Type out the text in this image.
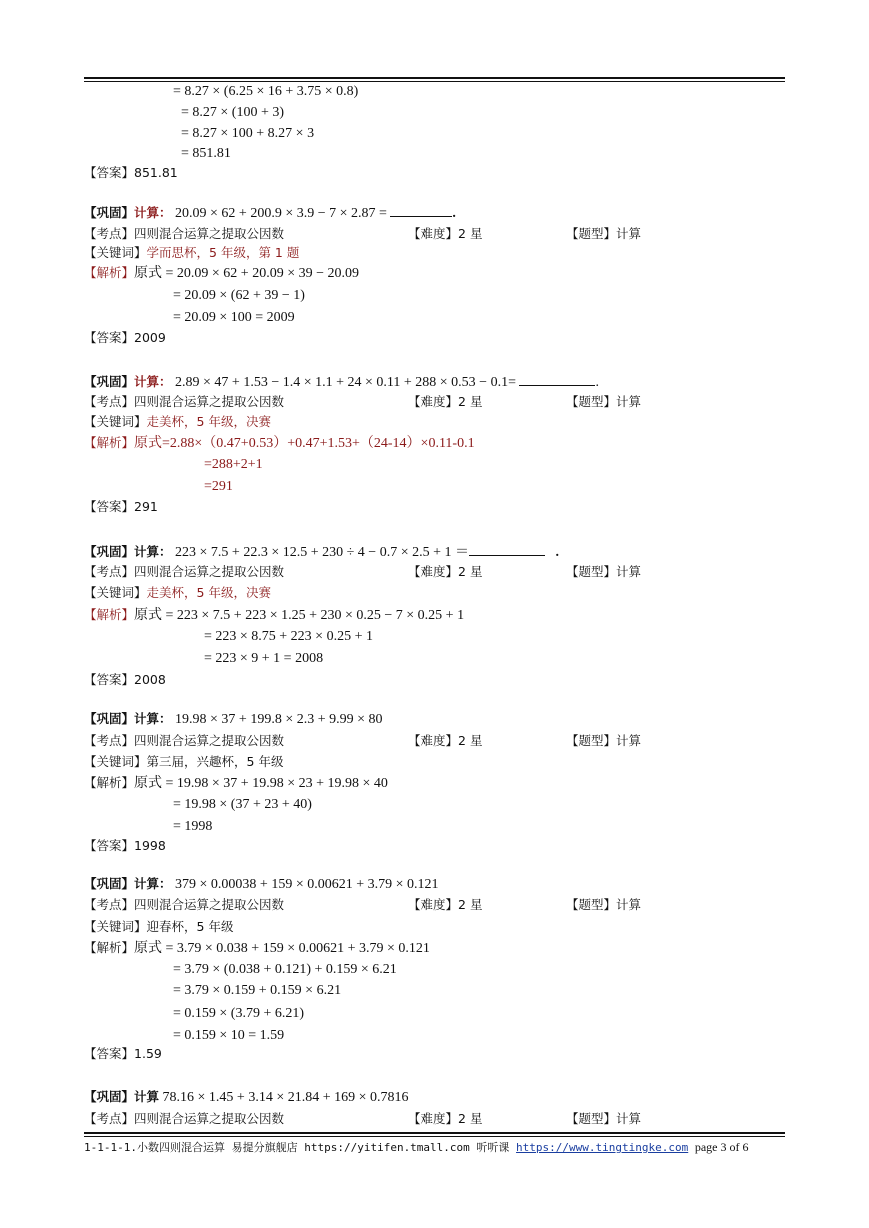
= 8.27 × (6.25 × 16 + 3.75 × 0.8)
= 8.27 × (100 + 3)
= 8.27 × 100 + 8.27 × 3
= 851.81
【答案】851.81
【巩固】计算： 20.09 × 62 + 200.9 × 3.9 − 7 × 2.87 =	.
【考点】四则混合运算之提取公因数	【难度】2 星	【题型】计算
【关键词】学而思杯，5 年级，第 1 题
【解析】原式 = 20.09 × 62 + 20.09 × 39 − 20.09
= 20.09 × (62 + 39 − 1)
= 20.09 × 100 = 2009
【答案】2009
【巩固】计算： 2.89 × 47 + 1.53 − 1.4 × 1.1 + 24 × 0.11 + 288 × 0.53 − 0.1=	.
【考点】四则混合运算之提取公因数	【难度】2 星	【题型】计算
【关键词】走美杯，5 年级，决赛
【解析】原式=2.88×（0.47+0.53）+0.47+1.53+（24-14）×0.11-0.1
=288+2+1
=291
【答案】291
【巩固】计算： 223 × 7.5 + 22.3 × 12.5 + 230 ÷ 4 − 0.7 × 2.5 + 1 ＝	.
【考点】四则混合运算之提取公因数	【难度】2 星	【题型】计算
【关键词】走美杯，5 年级，决赛
【解析】原式 = 223 × 7.5 + 223 × 1.25 + 230 × 0.25 − 7 × 0.25 + 1
= 223 × 8.75 + 223 × 0.25 + 1
= 223 × 9 + 1 = 2008
【答案】2008
【巩固】计算： 19.98 × 37 + 199.8 × 2.3 + 9.99 × 80
【考点】四则混合运算之提取公因数	【难度】2 星	【题型】计算
【关键词】第三届，兴趣杯，5 年级
【解析】原式 = 19.98 × 37 + 19.98 × 23 + 19.98 × 40
= 19.98 × (37 + 23 + 40)
= 1998
【答案】1998
【巩固】计算： 379 × 0.00038 + 159 × 0.00621 + 3.79 × 0.121
【考点】四则混合运算之提取公因数	【难度】2 星	【题型】计算
【关键词】迎春杯，5 年级
【解析】原式 = 3.79 × 0.038 + 159 × 0.00621 + 3.79 × 0.121
= 3.79 × (0.038 + 0.121) + 0.159 × 6.21
= 3.79 × 0.159 + 0.159 × 6.21
= 0.159 × (3.79 + 6.21)
= 0.159 × 10 = 1.59
【答案】1.59
【巩固】计算 78.16 × 1.45 + 3.14 × 21.84 + 169 × 0.7816
【考点】四则混合运算之提取公因数	【难度】2 星	【题型】计算
1-1-1-1.小数四则混合运算 易提分旗舰店 https://yitifen.tmall.com 听听课 https://www.tingtingke.com page 3 of 6
